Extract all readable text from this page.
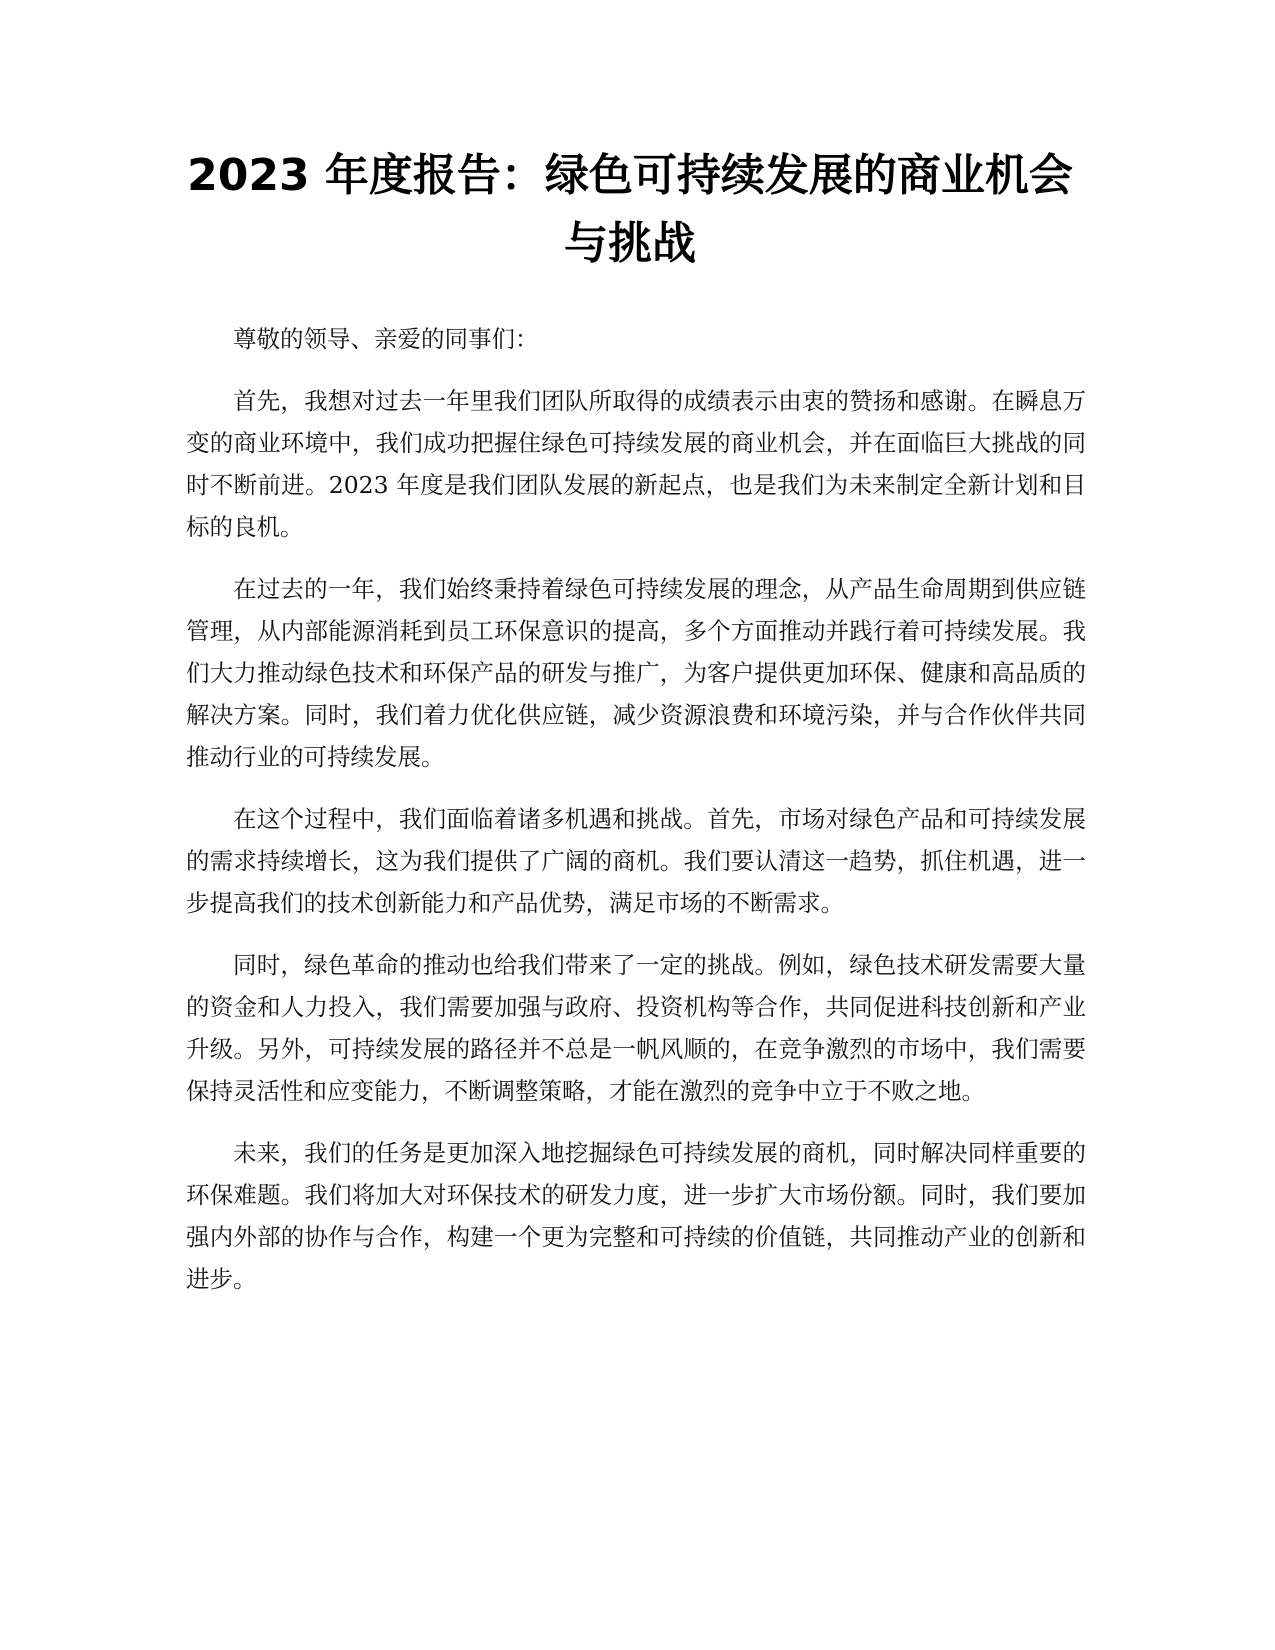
2023 年度报告：绿色可持续发展的商业机会与挑战

尊敬的领导、亲爱的同事们：

首先，我想对过去一年里我们团队所取得的成绩表示由衷的赞扬和感谢。在瞬息万变的商业环境中，我们成功把握住绿色可持续发展的商业机会，并在面临巨大挑战的同时不断前进。2023 年度是我们团队发展的新起点，也是我们为未来制定全新计划和目标的良机。

在过去的一年，我们始终秉持着绿色可持续发展的理念，从产品生命周期到供应链管理，从内部能源消耗到员工环保意识的提高，多个方面推动并践行着可持续发展。我们大力推动绿色技术和环保产品的研发与推广，为客户提供更加环保、健康和高品质的解决方案。同时，我们着力优化供应链，减少资源浪费和环境污染，并与合作伙伴共同推动行业的可持续发展。

在这个过程中，我们面临着诸多机遇和挑战。首先，市场对绿色产品和可持续发展的需求持续增长，这为我们提供了广阔的商机。我们要认清这一趋势，抓住机遇，进一步提高我们的技术创新能力和产品优势，满足市场的不断需求。

同时，绿色革命的推动也给我们带来了一定的挑战。例如，绿色技术研发需要大量的资金和人力投入，我们需要加强与政府、投资机构等合作，共同促进科技创新和产业升级。另外，可持续发展的路径并不总是一帆风顺的，在竞争激烈的市场中，我们需要保持灵活性和应变能力，不断调整策略，才能在激烈的竞争中立于不败之地。

未来，我们的任务是更加深入地挖掘绿色可持续发展的商机，同时解决同样重要的环保难题。我们将加大对环保技术的研发力度，进一步扩大市场份额。同时，我们要加强内外部的协作与合作，构建一个更为完整和可持续的价值链，共同推动产业的创新和进步。
